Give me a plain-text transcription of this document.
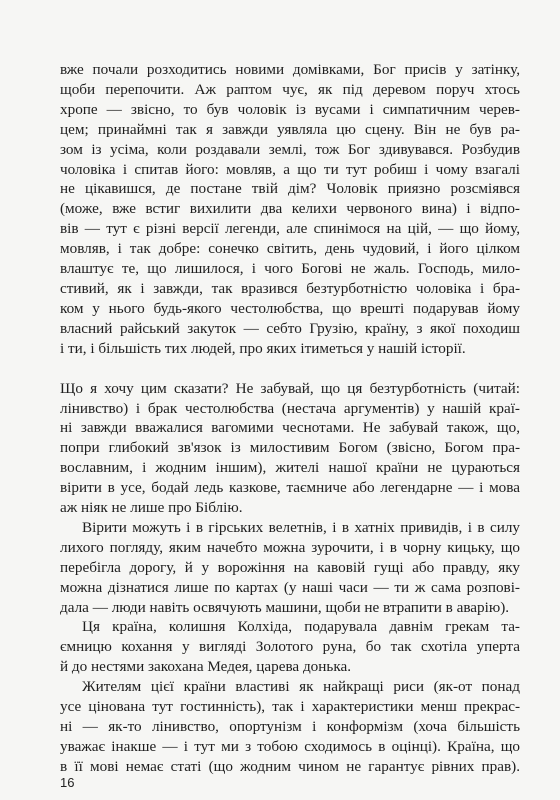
вже почали розходитись новими домівками, Бог присів у затінку,
щоби перепочити. Аж раптом чує, як під деревом поруч хтось
хропе — звісно, то був чоловік із вусами і симпатичним черев-
цем; принаймні так я завжди уявляла цю сцену. Він не був ра-
зом із усіма, коли роздавали землі, тож Бог здивувався. Розбудив
чоловіка і спитав його: мовляв, а що ти тут робиш і чому взагалі
не цікавишся, де постане твій дім? Чоловік приязно розсміявся
(може, вже встиг вихилити два келихи червоного вина) і відпо-
вів — тут є різні версії легенди, але спинімося на цій, — що йому,
мовляв, і так добре: сонечко світить, день чудовий, і його цілком
влаштує те, що лишилося, і чого Богові не жаль. Господь, мило-
стивий, як і завжди, так вразився безтурботністю чоловіка і бра-
ком у нього будь-якого честолюбства, що врешті подарував йому
власний райський закуток — себто Грузію, країну, з якої походиш
і ти, і більшість тих людей, про яких ітиметься у нашій історії.
Що я хочу цим сказати? Не забувай, що ця безтурботність (читай:
лінивство) і брак честолюбства (нестача аргументів) у нашій краї-
ні завжди вважалися вагомими чеснотами. Не забувай також, що,
попри глибокий зв'язок із милостивим Богом (звісно, Богом пра-
вославним, і жодним іншим), жителі нашої країни не цураються
вірити в усе, бодай ледь казкове, таємниче або легендарне — і мова
аж ніяк не лише про Біблію.
Вірити можуть і в гірських велетнів, і в хатніх привидів, і в силу
лихого погляду, яким начебто можна зурочити, і в чорну кицьку, що
перебігла дорогу, й у ворожіння на кавовій гущі або правду, яку
можна дізнатися лише по картах (у наші часи — ти ж сама розпові-
дала — люди навіть освячують машини, щоби не втрапити в аварію).
Ця країна, колишня Колхіда, подарувала давнім грекам та-
ємницю кохання у вигляді Золотого руна, бо так схотіла уперта
й до нестями закохана Медея, царева донька.
Жителям цієї країни властиві як найкращі риси (як-от понад
усе цінована тут гостинність), так і характеристики менш прекрас-
ні — як-то лінивство, опортунізм і конформізм (хоча більшість
уважає інакше — і тут ми з тобою сходимось в оцінці). Країна, що
в її мові немає статі (що жодним чином не гарантує рівних прав).
16
